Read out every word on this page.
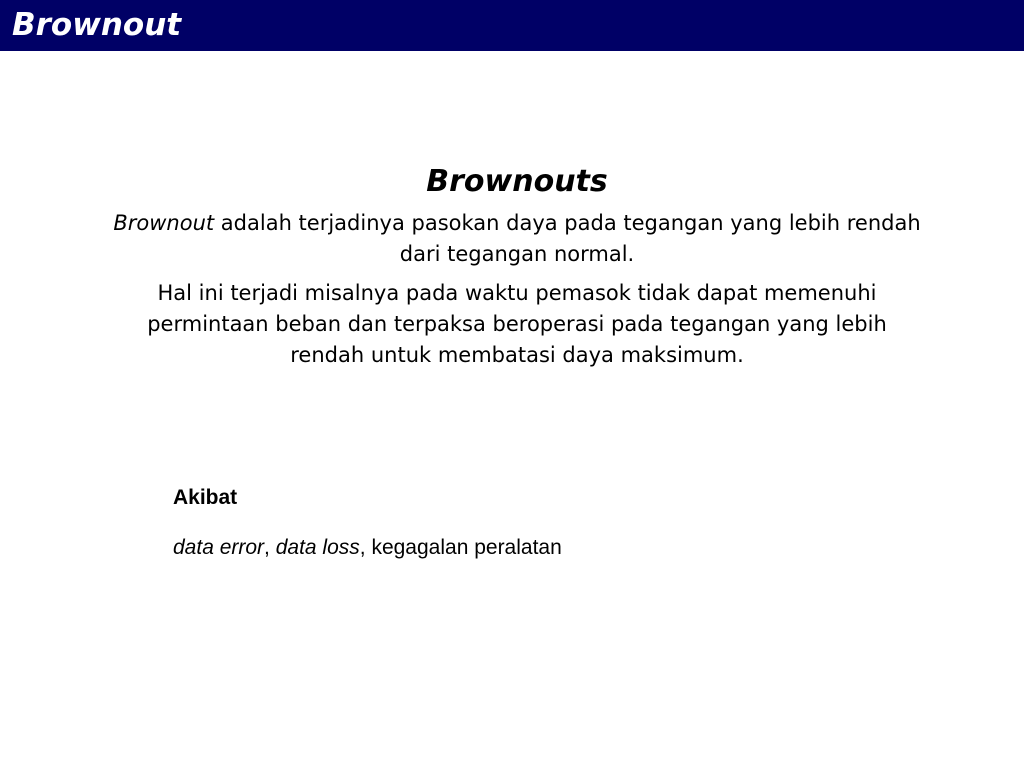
Brownout
Brownouts

Brownout adalah terjadinya pasokan daya pada tegangan yang lebih rendah dari tegangan normal.

Hal ini terjadi misalnya pada waktu pemasok tidak dapat memenuhi permintaan beban dan terpaksa beroperasi pada tegangan yang lebih rendah untuk membatasi daya maksimum.

Akibat

data error, data loss, kegagalan peralatan
